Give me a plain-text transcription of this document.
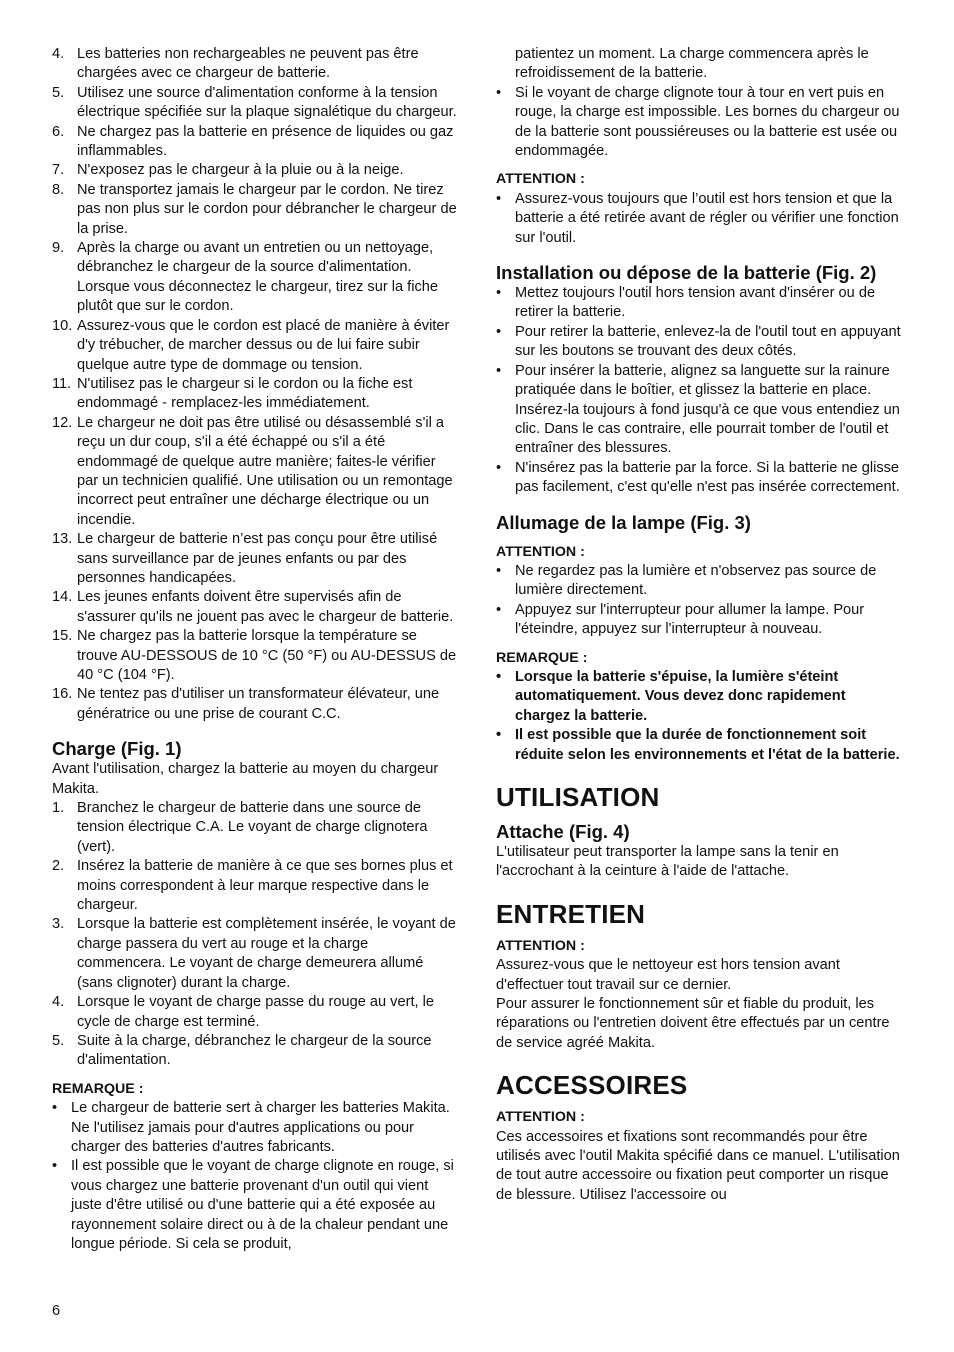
4. Les batteries non rechargeables ne peuvent pas être chargées avec ce chargeur de batterie.
5. Utilisez une source d'alimentation conforme à la tension électrique spécifiée sur la plaque signalétique du chargeur.
6. Ne chargez pas la batterie en présence de liquides ou gaz inflammables.
7. N'exposez pas le chargeur à la pluie ou à la neige.
8. Ne transportez jamais le chargeur par le cordon. Ne tirez pas non plus sur le cordon pour débrancher le chargeur de la prise.
9. Après la charge ou avant un entretien ou un nettoyage, débranchez le chargeur de la source d'alimentation. Lorsque vous déconnectez le chargeur, tirez sur la fiche plutôt que sur le cordon.
10. Assurez-vous que le cordon est placé de manière à éviter d'y trébucher, de marcher dessus ou de lui faire subir quelque autre type de dommage ou tension.
11. N'utilisez pas le chargeur si le cordon ou la fiche est endommagé - remplacez-les immédiatement.
12. Le chargeur ne doit pas être utilisé ou désassemblé s'il a reçu un dur coup, s'il a été échappé ou s'il a été endommagé de quelque autre manière; faites-le vérifier par un technicien qualifié. Une utilisation ou un remontage incorrect peut entraîner une décharge électrique ou un incendie.
13. Le chargeur de batterie n’est pas conçu pour être utilisé sans surveillance par de jeunes enfants ou par des personnes handicapées.
14. Les jeunes enfants doivent être supervisés afin de s'assurer qu'ils ne jouent pas avec le chargeur de batterie.
15. Ne chargez pas la batterie lorsque la température se trouve AU-DESSOUS de 10 °C (50 °F) ou AU-DESSUS de 40 °C (104 °F).
16. Ne tentez pas d'utiliser un transformateur élévateur, une génératrice ou une prise de courant C.C.
Charge (Fig. 1)

Avant l'utilisation, chargez la batterie au moyen du chargeur Makita.

1. Branchez le chargeur de batterie dans une source de tension électrique C.A. Le voyant de charge clignotera (vert).
2. Insérez la batterie de manière à ce que ses bornes plus et moins correspondent à leur marque respective dans le chargeur.
3. Lorsque la batterie est complètement insérée, le voyant de charge passera du vert au rouge et la charge commencera. Le voyant de charge demeurera allumé (sans clignoter) durant la charge.
4. Lorsque le voyant de charge passe du rouge au vert, le cycle de charge est terminé.
5. Suite à la charge, débranchez le chargeur de la source d'alimentation.
REMARQUE :
• Le chargeur de batterie sert à charger les batteries Makita. Ne l'utilisez jamais pour d'autres applications ou pour charger des batteries d'autres fabricants.
• Il est possible que le voyant de charge clignote en rouge, si vous chargez une batterie provenant d'un outil qui vient juste d'être utilisé ou d'une batterie qui a été exposée au rayonnement solaire direct ou à de la chaleur pendant une longue période. Si cela se produit,
patientez un moment. La charge commencera après le refroidissement de la batterie.
• Si le voyant de charge clignote tour à tour en vert puis en rouge, la charge est impossible. Les bornes du chargeur ou de la batterie sont poussiéreuses ou la batterie est usée ou endommagée.
ATTENTION :
• Assurez-vous toujours que l’outil est hors tension et que la batterie a été retirée avant de régler ou vérifier une fonction sur l'outil.
Installation ou dépose de la batterie (Fig. 2)
• Mettez toujours l'outil hors tension avant d'insérer ou de retirer la batterie.
• Pour retirer la batterie, enlevez-la de l'outil tout en appuyant sur les boutons se trouvant des deux côtés.
• Pour insérer la batterie, alignez sa languette sur la rainure pratiquée dans le boîtier, et glissez la batterie en place. Insérez-la toujours à fond jusqu'à ce que vous entendiez un clic. Dans le cas contraire, elle pourrait tomber de l'outil et entraîner des blessures.
• N'insérez pas la batterie par la force. Si la batterie ne glisse pas facilement, c'est qu'elle n'est pas insérée correctement.
Allumage de la lampe (Fig. 3)
ATTENTION :
• Ne regardez pas la lumière et n'observez pas source de lumière directement.
• Appuyez sur l'interrupteur pour allumer la lampe. Pour l'éteindre, appuyez sur l'interrupteur à nouveau.
REMARQUE :
• Lorsque la batterie s'épuise, la lumière s'éteint automatiquement. Vous devez donc rapidement chargez la batterie.
• Il est possible que la durée de fonctionnement soit réduite selon les environnements et l'état de la batterie.
UTILISATION
Attache (Fig. 4)

L'utilisateur peut transporter la lampe sans la tenir en l'accrochant à la ceinture à l'aide de l'attache.

ENTRETIEN
ATTENTION :

Assurez-vous que le nettoyeur est hors tension avant d'effectuer tout travail sur ce dernier.

Pour assurer le fonctionnement sûr et fiable du produit, les réparations ou l'entretien doivent être effectués par un centre de service agréé Makita.

ACCESSOIRES
ATTENTION :

Ces accessoires et fixations sont recommandés pour être utilisés avec l'outil Makita spécifié dans ce manuel. L'utilisation de tout autre accessoire ou fixation peut comporter un risque de blessure. Utilisez l'accessoire ou

6
